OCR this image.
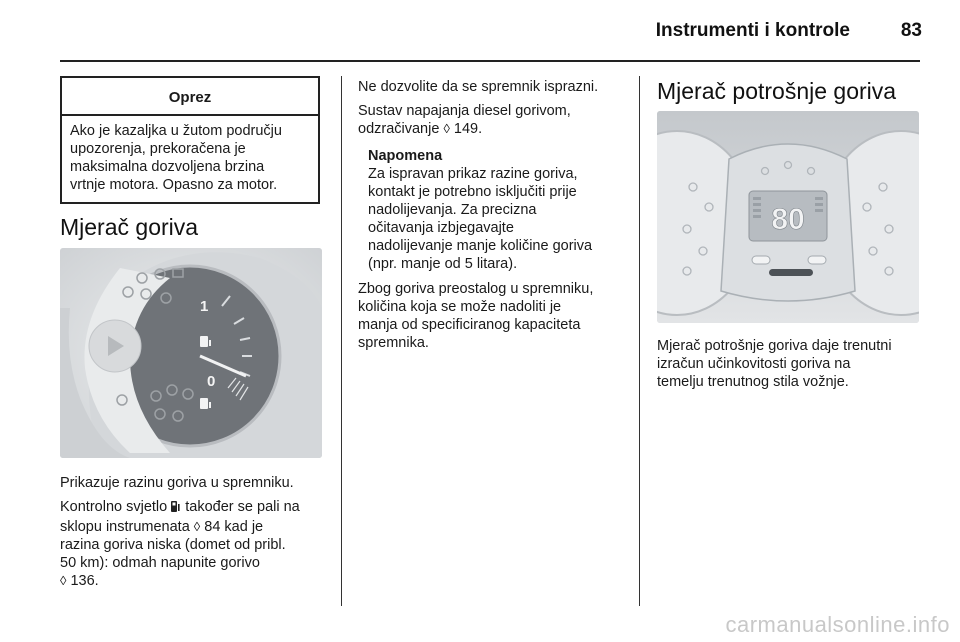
Instrumenti i kontrole	83
Oprez
Ako je kazaljka u žutom području
upozorenja, prekoračena je
maksimalna dozvoljena brzina
vrtnje motora. Opasno za motor.
Mjerač goriva
1
0
Prikazuje razinu goriva u spremniku.
Kontrolno svjetlo  također se pali na
sklopu instrumenata ◊ 84 kad je
razina goriva niska (domet od pribl.
50 km): odmah napunite gorivo
◊ 136.
Ne dozvolite da se spremnik isprazni.
Sustav napajanja diesel gorivom,
odzračivanje ◊ 149.
Napomena
Za ispravan prikaz razine goriva,
kontakt je potrebno isključiti prije
nadolijevanja. Za precizna
očitavanja izbjegavajte
nadolijevanje manje količine goriva
(npr. manje od 5 litara).
Zbog gorivа preostalog u spremniku,
količina koja se može nadoliti je
manja od specificiranog kapaciteta
spremnika.
Mjerač potrošnje goriva
80
Mjerač potrošnje goriva daje trenutni
izračun učinkovitosti goriva na
temelju trenutnog stila vožnje.
carmanualsonline.info
